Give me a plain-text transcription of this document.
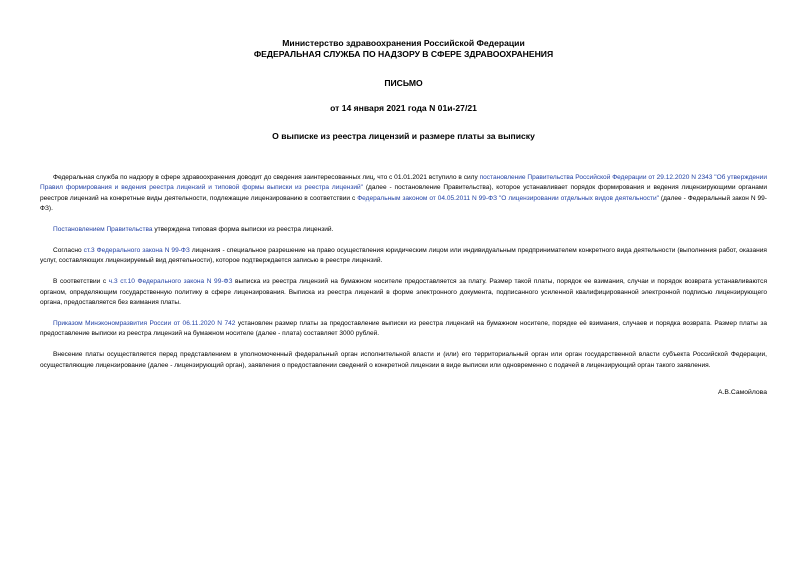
Министерство здравоохранения Российской Федерации
ФЕДЕРАЛЬНАЯ СЛУЖБА ПО НАДЗОРУ В СФЕРЕ ЗДРАВООХРАНЕНИЯ
ПИСЬМО
от 14 января 2021 года N 01и-27/21
О выписке из реестра лицензий и размере платы за выписку

Федеральная служба по надзору в сфере здравоохранения доводит до сведения заинтересованных лиц, что с 01.01.2021 вступило в силу постановление Правительства Российской Федерации от 29.12.2020 N 2343 "Об утверждении Правил формирования и ведения реестра лицензий и типовой формы выписки из реестра лицензий" (далее - постановление Правительства), которое устанавливает порядок формирования и ведения лицензирующими органами реестров лицензий на конкретные виды деятельности, подлежащие лицензированию в соответствии с Федеральным законом от 04.05.2011 N 99-ФЗ "О лицензировании отдельных видов деятельности" (далее - Федеральный закон N 99-ФЗ).

Постановлением Правительства утверждена типовая форма выписки из реестра лицензий.

Согласно ст.3 Федерального закона N 99-ФЗ лицензия - специальное разрешение на право осуществления юридическим лицом или индивидуальным предпринимателем конкретного вида деятельности (выполнения работ, оказания услуг, составляющих лицензируемый вид деятельности), которое подтверждается записью в реестре лицензий.

В соответствии с ч.3 ст.10 Федерального закона N 99-ФЗ выписка из реестра лицензий на бумажном носителе предоставляется за плату. Размер такой платы, порядок ее взимания, случаи и порядок возврата устанавливаются органом, определяющим государственную политику в сфере лицензирования. Выписка из реестра лицензий в форме электронного документа, подписанного усиленной квалифицированной электронной подписью лицензирующего органа, предоставляется без взимания платы.

Приказом Минэкономразвития России от 06.11.2020 N 742 установлен размер платы за предоставление выписки из реестра лицензий на бумажном носителе, порядке её взимания, случаев и порядка возврата. Размер платы за предоставление выписки из реестра лицензий на бумажном носителе (далее - плата) составляет 3000 рублей.

Внесение платы осуществляется перед представлением в уполномоченный федеральный орган исполнительной власти и (или) его территориальный орган или орган государственной власти субъекта Российской Федерации, осуществляющие лицензирование (далее - лицензирующий орган), заявления о предоставлении сведений о конкретной лицензии в виде выписки или одновременно с подачей в лицензирующий орган такого заявления.

А.В.Самойлова
